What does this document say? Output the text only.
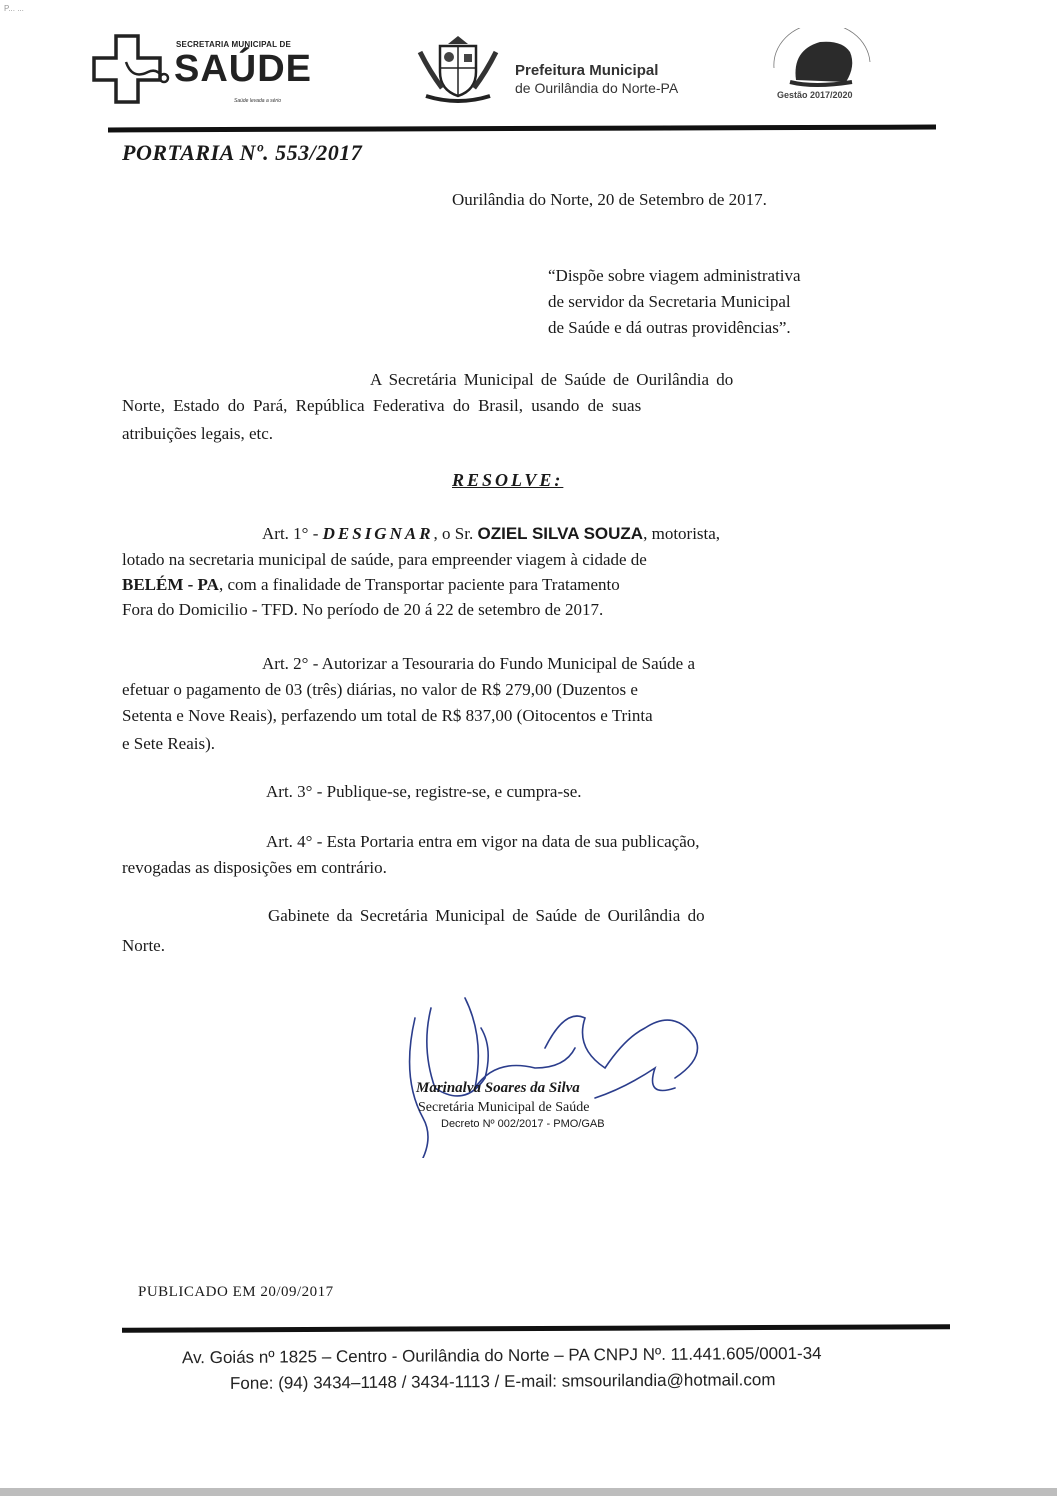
P... ...
SECRETARIA MUNICIPAL DE
SAÚDE
Saúde levada a sério
Prefeitura Municipal
de Ourilândia do Norte-PA	Gestão 2017/2020
PORTARIA Nº. 553/2017
Ourilândia do Norte, 20 de Setembro de 2017.
“Dispõe sobre viagem administrativa
de servidor da Secretaria Municipal
de Saúde e dá outras providências”.
A Secretária Municipal de Saúde de Ourilândia do
Norte, Estado do Pará, República Federativa do Brasil, usando de suas
atribuições legais, etc.
RESOLVE:
Art. 1° - DESIGNAR, o Sr. OZIEL SILVA SOUZA, motorista,
lotado na secretaria municipal de saúde, para empreender viagem à cidade de
BELÉM - PA, com a finalidade de Transportar paciente para Tratamento
Fora do Domicilio - TFD. No período de 20 á 22 de setembro de 2017.
Art. 2° - Autorizar a Tesouraria do Fundo Municipal de Saúde a
efetuar o pagamento de 03 (três) diárias, no valor de R$ 279,00 (Duzentos e
Setenta e Nove Reais), perfazendo um total de R$ 837,00 (Oitocentos e Trinta
e Sete Reais).
Art. 3° - Publique-se, registre-se, e cumpra-se.
Art. 4° - Esta Portaria entra em vigor na data de sua publicação,
revogadas as disposições em contrário.
Gabinete da Secretária Municipal de Saúde de Ourilândia do
Norte.
Marinalva Soares da Silva
Secretária Municipal de Saúde
Decreto Nº 002/2017 - PMO/GAB
PUBLICADO EM 20/09/2017
Av. Goiás nº 1825 – Centro - Ourilândia do Norte – PA CNPJ Nº. 11.441.605/0001-34
Fone: (94) 3434–1148 / 3434-1113 / E-mail: smsourilandia@hotmail.com
